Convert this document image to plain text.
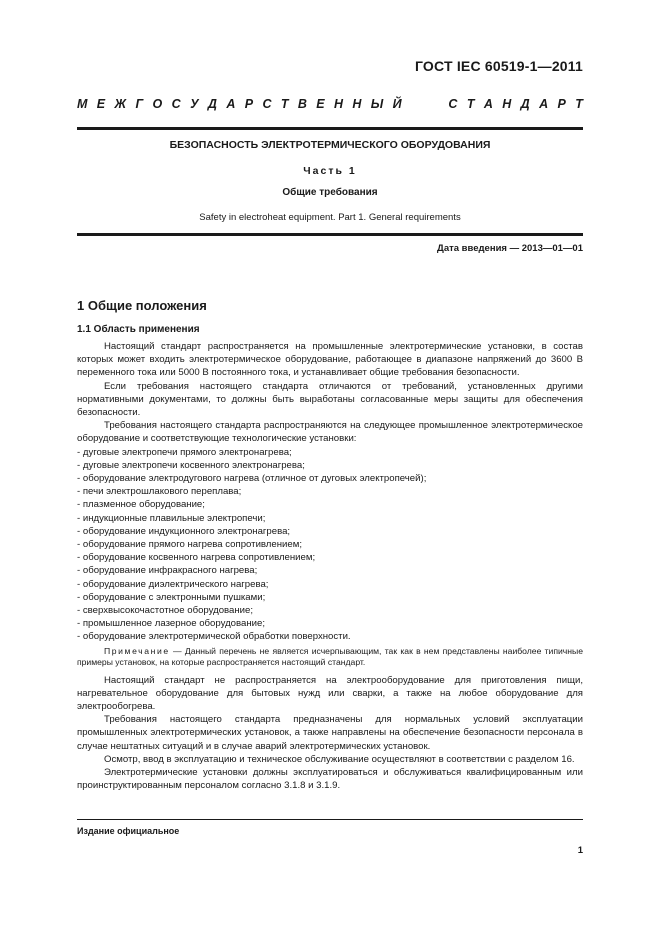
ГОСТ IEC 60519-1—2011
М Е Ж Г О С У Д А Р С Т В Е Н Н Ы Й	С Т А Н Д А Р Т
БЕЗОПАСНОСТЬ ЭЛЕКТРОТЕРМИЧЕСКОГО ОБОРУДОВАНИЯ
Часть 1
Общие требования
Safety in electroheat equipment. Part 1. General requirements
Дата введения — 2013—01—01
1 Общие положения
1.1 Область применения

Настоящий стандарт распространяется на промышленные электротермические установки, в состав которых может входить электротермическое оборудование, работающее в диапазоне напряжений до 3600 В переменного тока или 5000 В постоянного тока, и устанавливает общие требования безопасности.

Если требования настоящего стандарта отличаются от требований, установленных другими нормативными документами, то должны быть выработаны согласованные меры защиты для обеспечения безопасности.

Требования настоящего стандарта распространяются на следующее промышленное электротермическое оборудование и соответствующие технологические установки:

- дуговые электропечи прямого электронагрева;
- дуговые электропечи косвенного электронагрева;
- оборудование электродугового нагрева (отличное от дуговых электропечей);
- печи электрошлакового переплава;
- плазменное оборудование;
- индукционные плавильные электропечи;
- оборудование индукционного электронагрева;
- оборудование прямого нагрева сопротивлением;
- оборудование косвенного нагрева сопротивлением;
- оборудование инфракрасного нагрева;
- оборудование диэлектрического нагрева;
- оборудование с электронными пушками;
- сверхвысокочастотное оборудование;
- промышленное лазерное оборудование;
- оборудование электротермической обработки поверхности.

Примечание — Данный перечень не является исчерпывающим, так как в нем представлены наиболее типичные примеры установок, на которые распространяется настоящий стандарт.

Настоящий стандарт не распространяется на электрооборудование для приготовления пищи, нагревательное оборудование для бытовых нужд или сварки, а также на любое оборудование для электрообогрева.

Требования настоящего стандарта предназначены для нормальных условий эксплуатации промышленных электротермических установок, а также направлены на обеспечение безопасности персонала в случае нештатных ситуаций и в случае аварий электротермических установок.

Осмотр, ввод в эксплуатацию и техническое обслуживание осуществляют в соответствии с разделом 16.

Электротермические установки должны эксплуатироваться и обслуживаться квалифицированным или проинструктированным персоналом согласно 3.1.8 и 3.1.9.

Издание официальное
1
